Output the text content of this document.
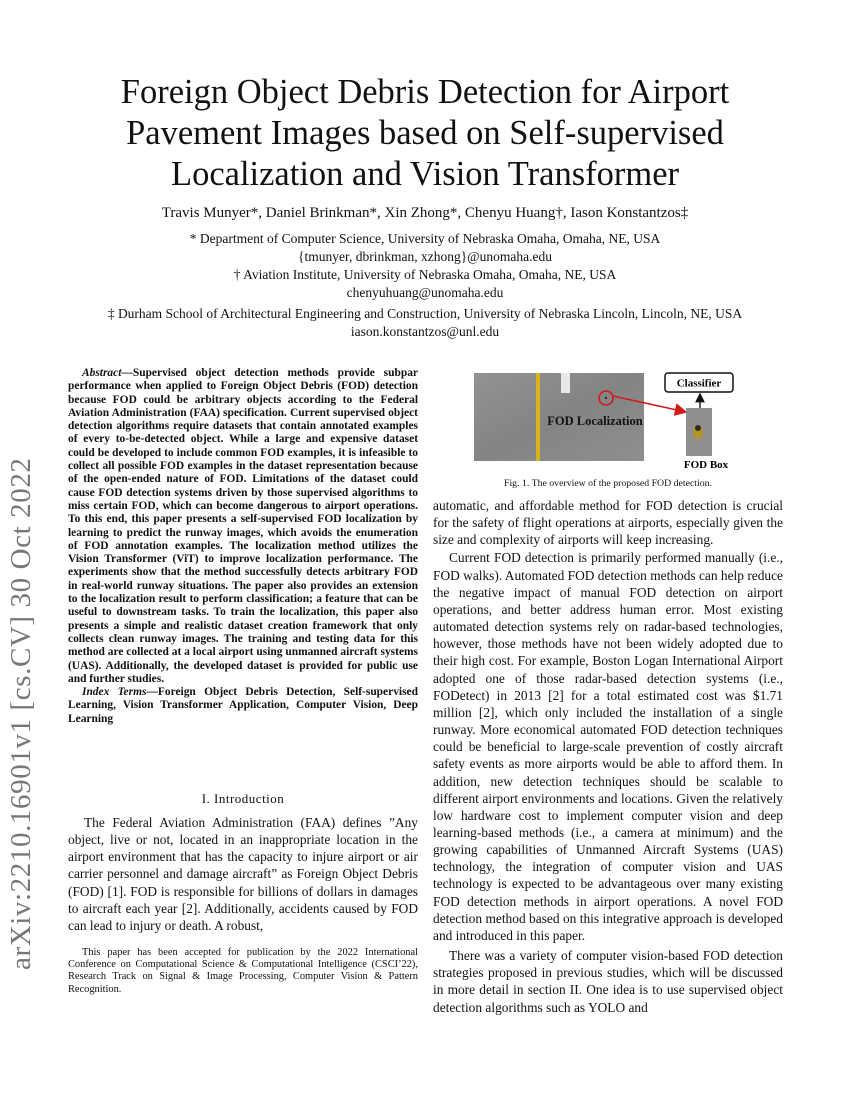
arXiv:2210.16901v1 [cs.CV] 30 Oct 2022
Foreign Object Debris Detection for Airport
Pavement Images based on Self-supervised
Localization and Vision Transformer
Travis Munyer*, Daniel Brinkman*, Xin Zhong*, Chenyu Huang†, Iason Konstantzos‡
* Department of Computer Science, University of Nebraska Omaha, Omaha, NE, USA
{tmunyer, dbrinkman, xzhong}@unomaha.edu
† Aviation Institute, University of Nebraska Omaha, Omaha, NE, USA
chenyuhuang@unomaha.edu
‡ Durham School of Architectural Engineering and Construction, University of Nebraska Lincoln, Lincoln, NE, USA
iason.konstantzos@unl.edu
Abstract—Supervised object detection methods provide subpar performance when applied to Foreign Object Debris (FOD) detection because FOD could be arbitrary objects according to the Federal Aviation Administration (FAA) specification. Current supervised object detection algorithms require datasets that contain annotated examples of every to-be-detected object. While a large and expensive dataset could be developed to include common FOD examples, it is infeasible to collect all possible FOD examples in the dataset representation because of the open-ended nature of FOD. Limitations of the dataset could cause FOD detection systems driven by those supervised algorithms to miss certain FOD, which can become dangerous to airport operations. To this end, this paper presents a self-supervised FOD localization by learning to predict the runway images, which avoids the enumeration of FOD annotation examples. The localization method utilizes the Vision Transformer (ViT) to improve localization performance. The experiments show that the method successfully detects arbitrary FOD in real-world runway situations. The paper also provides an extension to the localization result to perform classification; a feature that can be useful to downstream tasks. To train the localization, this paper also presents a simple and realistic dataset creation framework that only collects clean runway images. The training and testing data for this method are collected at a local airport using unmanned aircraft systems (UAS). Additionally, the developed dataset is provided for public use and further studies.
Index Terms—Foreign Object Debris Detection, Self-supervised Learning, Vision Transformer Application, Computer Vision, Deep Learning
I. Introduction

The Federal Aviation Administration (FAA) defines ”Any object, live or not, located in an inappropriate location in the airport environment that has the capacity to injure airport or air carrier personnel and damage aircraft” as Foreign Object Debris (FOD) [1]. FOD is responsible for billions of dollars in damages to aircraft each year [2]. Additionally, accidents caused by FOD can lead to injury or death. A robust,

This paper has been accepted for publication by the 2022 International Conference on Computational Science & Computational Intelligence (CSCI’22), Research Track on Signal & Image Processing, Computer Vision & Pattern Recognition.
Classifier
FOD Box
FOD Localization
Fig. 1. The overview of the proposed FOD detection.

automatic, and affordable method for FOD detection is crucial for the safety of flight operations at airports, especially given the size and complexity of airports will keep increasing.

Current FOD detection is primarily performed manually (i.e., FOD walks). Automated FOD detection methods can help reduce the negative impact of manual FOD detection on airport operations, and better address human error. Most existing automated detection systems rely on radar-based technologies, however, those methods have not been widely adopted due to their high cost. For example, Boston Logan International Airport adopted one of those radar-based detection systems (i.e., FODetect) in 2013 [2] for a total estimated cost was $1.71 million [2], which only included the installation of a single runway. More economical automated FOD detection techniques could be beneficial to large-scale prevention of costly aircraft safety events as more airports would be able to afford them. In addition, new detection techniques should be scalable to different airport environments and locations. Given the relatively low hardware cost to implement computer vision and deep learning-based methods (i.e., a camera at minimum) and the growing capabilities of Unmanned Aircraft Systems (UAS) technology, the integration of computer vision and UAS technology is expected to be advantageous over many existing FOD detection methods in airport operations. A novel FOD detection method based on this integrative approach is developed and introduced in this paper.

There was a variety of computer vision-based FOD detection strategies proposed in previous studies, which will be discussed in more detail in section II. One idea is to use supervised object detection algorithms such as YOLO and
